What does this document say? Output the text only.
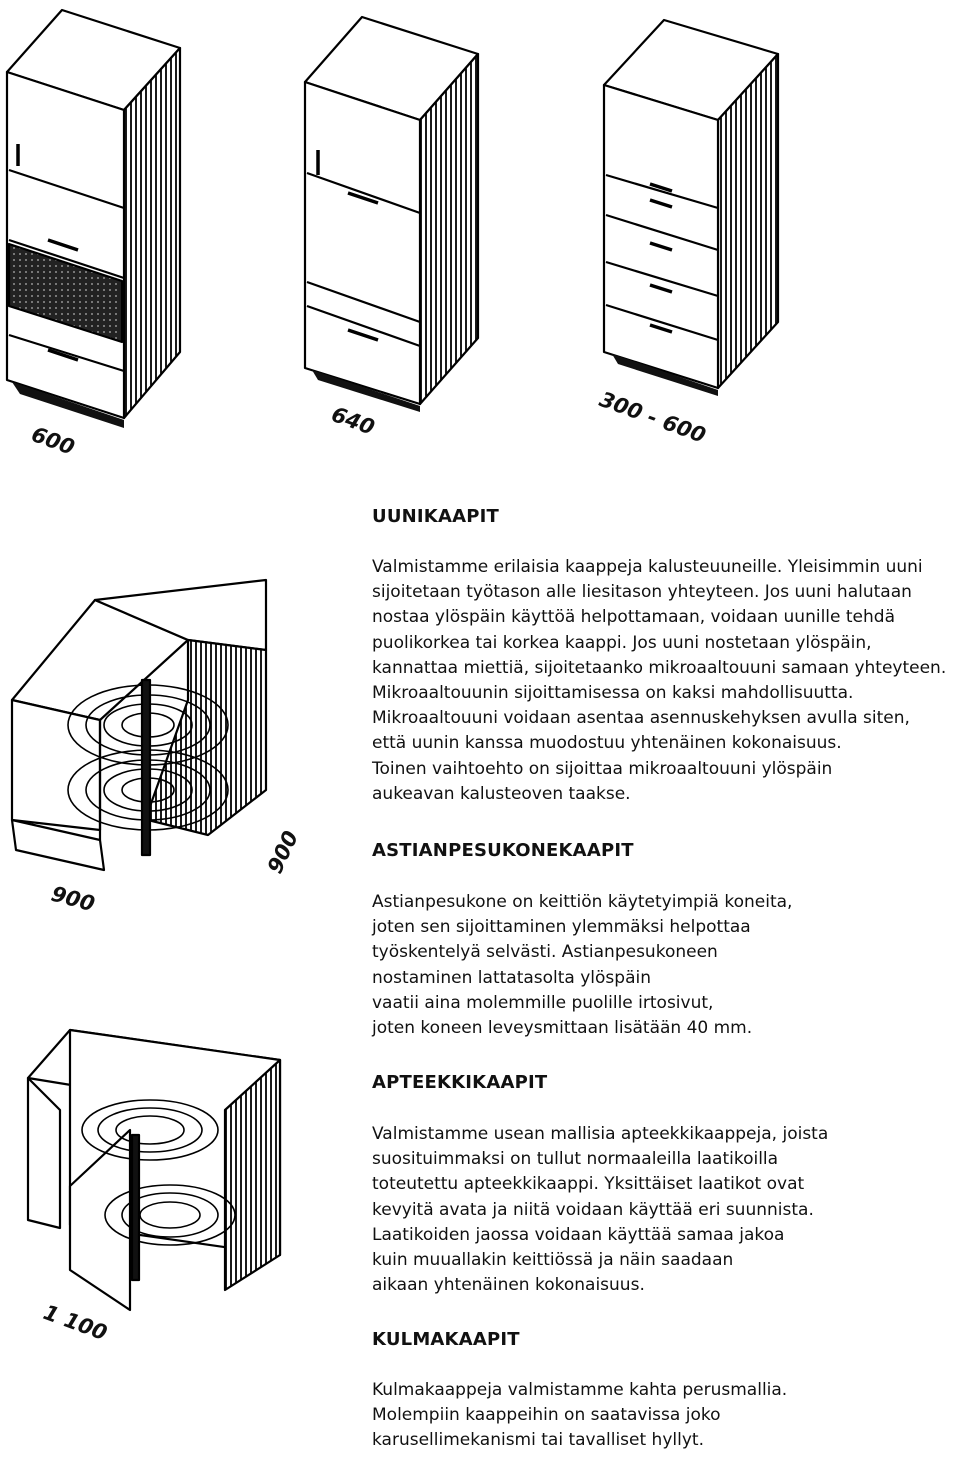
600
640	300 - 600
900
900
1 100
UUNIKAAPIT

Valmistamme erilaisia kaappeja kalusteuuneille. Yleisimmin uuni
sijoitetaan työtason alle liesitason yhteyteen. Jos uuni halutaan
nostaa ylöspäin käyttöä helpottamaan, voidaan uunille tehdä
puolikorkea tai korkea kaappi. Jos uuni nostetaan ylöspäin,
kannattaa miettiä, sijoitetaanko mikroaaltouuni samaan yhteyteen.
Mikroaaltouunin sijoittamisessa on kaksi mahdollisuutta.
Mikroaaltouuni voidaan asentaa asennuskehyksen avulla siten,
että uunin kanssa muodostuu yhtenäinen kokonaisuus.
Toinen vaihtoehto on sijoittaa mikroaaltouuni ylöspäin
aukeavan kalusteoven taakse.

ASTIANPESUKONEKAAPIT

Astianpesukone on keittiön käytetyimpiä koneita,
joten sen sijoittaminen ylemmäksi helpottaa
työskentelyä selvästi. Astianpesukoneen
nostaminen lattatasolta ylöspäin
vaatii aina molemmille puolille irtosivut,
joten koneen leveysmittaan lisätään 40 mm.

APTEEKKIKAAPIT

Valmistamme usean mallisia apteekkikaappeja, joista
suosituimmaksi on tullut normaaleilla laatikoilla
toteutettu apteekkikaappi. Yksittäiset laatikot ovat
kevyitä avata ja niitä voidaan käyttää eri suunnista.
Laatikoiden jaossa voidaan käyttää samaa jakoa
kuin muuallakin keittiössä ja näin saadaan
aikaan yhtenäinen kokonaisuus.

KULMAKAAPIT

Kulmakaappeja valmistamme kahta perusmallia.
Molempiin kaappeihin on saatavissa joko
karusellimekanismi tai tavalliset hyllyt.
